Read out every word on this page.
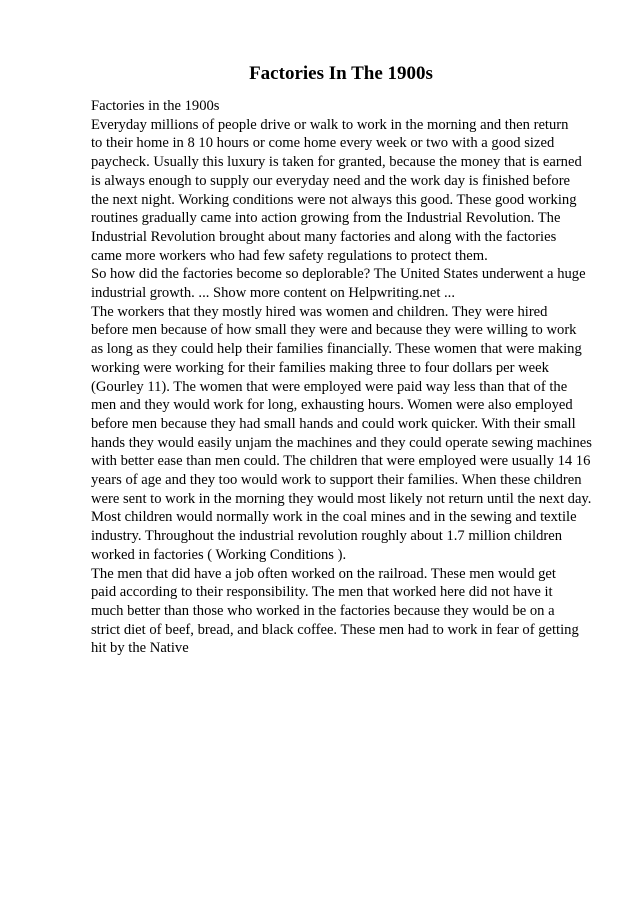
Factories In The 1900s
Factories in the 1900s
Everyday millions of people drive or walk to work in the morning and then return
to their home in 8 10 hours or come home every week or two with a good sized
paycheck. Usually this luxury is taken for granted, because the money that is earned
is always enough to supply our everyday need and the work day is finished before
the next night. Working conditions were not always this good. These good working
routines gradually came into action growing from the Industrial Revolution. The
Industrial Revolution brought about many factories and along with the factories
came more workers who had few safety regulations to protect them.
So how did the factories become so deplorable? The United States underwent a huge
industrial growth. ... Show more content on Helpwriting.net ...
The workers that they mostly hired was women and children. They were hired
before men because of how small they were and because they were willing to work
as long as they could help their families financially. These women that were making
working were working for their families making three to four dollars per week
(Gourley 11). The women that were employed were paid way less than that of the
men and they would work for long, exhausting hours. Women were also employed
before men because they had small hands and could work quicker. With their small
hands they would easily unjam the machines and they could operate sewing machines
with better ease than men could. The children that were employed were usually 14 16
years of age and they too would work to support their families. When these children
were sent to work in the morning they would most likely not return until the next day.
Most children would normally work in the coal mines and in the sewing and textile
industry. Throughout the industrial revolution roughly about 1.7 million children
worked in factories ( Working Conditions ).
The men that did have a job often worked on the railroad. These men would get
paid according to their responsibility. The men that worked here did not have it
much better than those who worked in the factories because they would be on a
strict diet of beef, bread, and black coffee. These men had to work in fear of getting
hit by the Native
